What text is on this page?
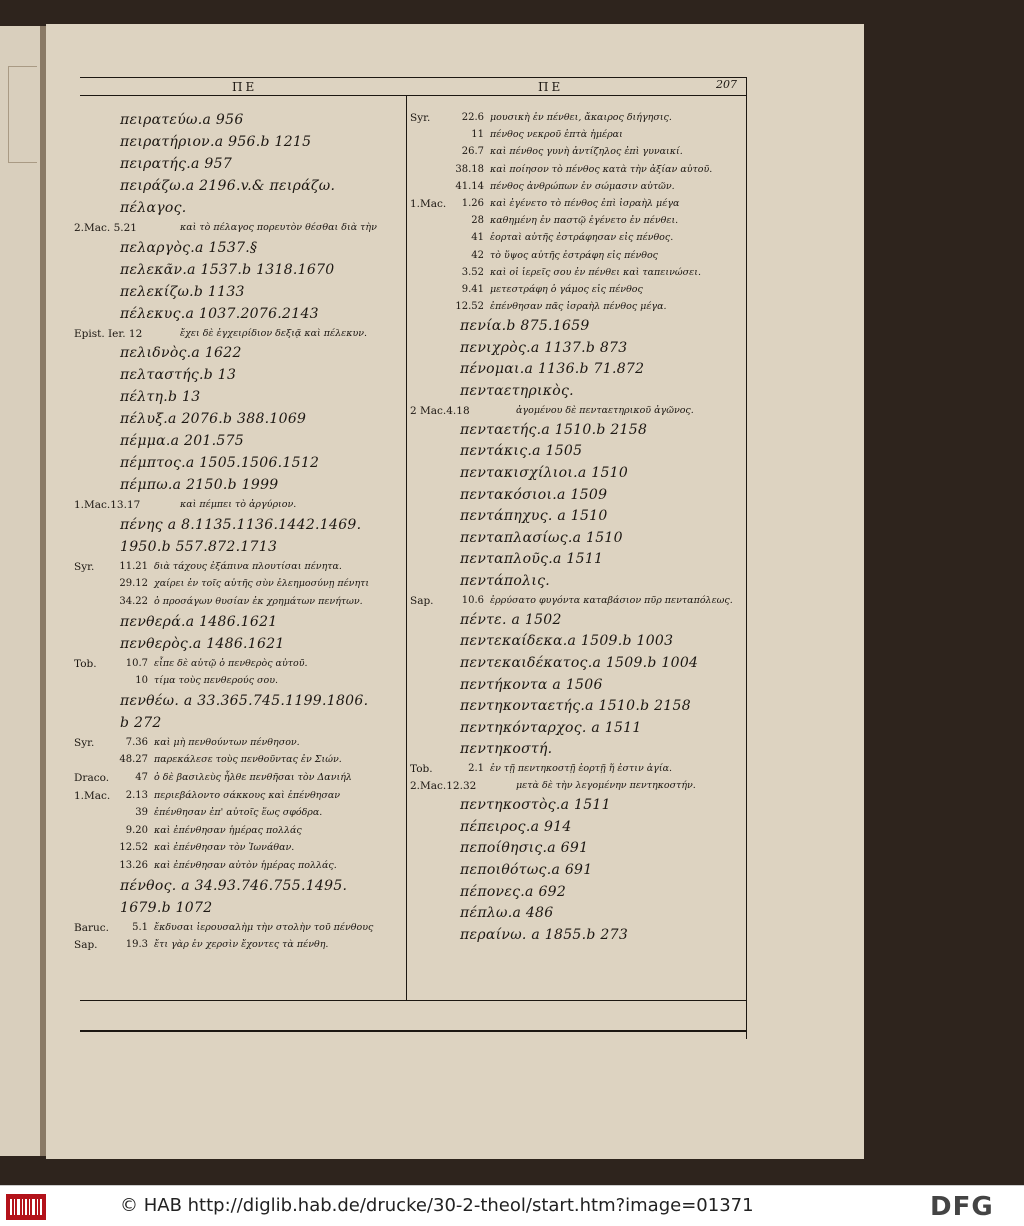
ΠΕ	ΠΕ	207
πειρατεύω.a 956
πειρατήριον.a 956.b 1215
πειρατής.a 957
πειράζω.a 2196.v.& πειράζω.
πέλαγος.
2.Mac. 5.21	καὶ τὸ πέλαγος πορευτὸν θέσθαι διὰ τὴν
πελαργὸς.a 1537.§
πελεκᾶν.a 1537.b 1318.1670
πελεκίζω.b 1133
πέλεκυς.a 1037.2076.2143
Epist. Ier. 12	ἔχει δὲ ἐγχειρίδιον δεξιᾷ καὶ πέλεκυν.
πελιδνὸς.a 1622
πελταστής.b 13
πέλτη.b 13
πέλυξ.a 2076.b 388.1069
πέμμα.a 201.575
πέμπτος.a 1505.1506.1512
πέμπω.a 2150.b 1999
1.Mac.13.17	καὶ πέμπει τὸ ἀργύριον.
πένης a 8.1135.1136.1442.1469.
1950.b 557.872.1713
Syr.	11.21 διὰ τάχους ἐξάπινα πλουτίσαι πένητα.
29.12 χαίρει ἐν τοῖς αὐτῆς σὺν ἐλεημοσύνῃ πένητι
34.22 ὁ προσάγων θυσίαν ἐκ χρημάτων πενήτων.
πενθερά.a 1486.1621
πενθερὸς.a 1486.1621
Tob.	10.7 εἶπε δὲ αὐτῷ ὁ πενθερὸς αὐτοῦ.
10 τίμα τοὺς πενθερούς σου.
πενθέω. a 33.365.745.1199.1806.
b 272
Syr.	7.36 καὶ μὴ πενθούντων πένθησον.
48.27 παρεκάλεσε τοὺς πενθοῦντας ἐν Σιών.
Draco.	47 ὁ δὲ βασιλεὺς ἦλθε πενθῆσαι τὸν Δανιήλ
1.Mac.	2.13 περιεβάλοντο σάκκους καὶ ἐπένθησαν
39 ἐπένθησαν ἐπ' αὐτοῖς ἕως σφόδρα.
9.20 καὶ ἐπένθησαν ἡμέρας πολλάς
12.52 καὶ ἐπένθησαν τὸν Ἰωνάθαν.
13.26 καὶ ἐπένθησαν αὐτὸν ἡμέρας πολλάς.
πένθος. a 34.93.746.755.1495.
1679.b 1072
Baruc.	5.1 ἔκδυσαι ἱερουσαλὴμ τὴν στολὴν τοῦ πένθους
Sap.	19.3 ἔτι γὰρ ἐν χερσὶν ἔχοντες τὰ πένθη.
Syr.	22.6 μουσικὴ ἐν πένθει, ἄκαιρος διήγησις.
11 πένθος νεκροῦ ἑπτὰ ἡμέραι
26.7 καὶ πένθος γυνὴ ἀντίζηλος ἐπὶ γυναικί.
38.18 καὶ ποίησον τὸ πένθος κατὰ τὴν ἀξίαν αὐτοῦ.
41.14 πένθος ἀνθρώπων ἐν σώμασιν αὐτῶν.
1.Mac.	1.26 καὶ ἐγένετο τὸ πένθος ἐπὶ ἰσραὴλ μέγα
28 καθημένη ἐν παστῷ ἐγένετο ἐν πένθει.
41 ἑορταὶ αὐτῆς ἐστράφησαν εἰς πένθος.
42 τὸ ὕψος αὐτῆς ἐστράφη εἰς πένθος
3.52 καὶ οἱ ἱερεῖς σου ἐν πένθει καὶ ταπεινώσει.
9.41 μετεστράφη ὁ γάμος εἰς πένθος
12.52 ἐπένθησαν πᾶς ἰσραὴλ πένθος μέγα.
πενία.b 875.1659
πενιχρὸς.a 1137.b 873
πένομαι.a 1136.b 71.872
πενταετηρικὸς.
2 Mac.4.18	ἀγομένου δὲ πενταετηρικοῦ ἀγῶνος.
πενταετής.a 1510.b 2158
πεντάκις.a 1505
πεντακισχίλιοι.a 1510
πεντακόσιοι.a 1509
πεντάπηχυς. a 1510
πενταπλασίως.a 1510
πενταπλοῦς.a 1511
πεντάπολις.
Sap.	10.6 ἐρρύσατο φυγόντα καταβάσιον πῦρ πενταπόλεως.
πέντε. a 1502
πεντεκαίδεκα.a 1509.b 1003
πεντεκαιδέκατος.a 1509.b 1004
πεντήκοντα a 1506
πεντηκονταετής.a 1510.b 2158
πεντηκόνταρχος. a 1511
πεντηκοστή.
Tob.	2.1 ἐν τῇ πεντηκοστῇ ἑορτῇ ἥ ἐστιν ἁγία.
2.Mac.12.32	μετὰ δὲ τὴν λεγομένην πεντηκοστήν.
πεντηκοστὸς.a 1511
πέπειρος.a 914
πεποίθησις.a 691
πεποιθότως.a 691
πέπονες.a 692
πέπλω.a 486
περαίνω. a 1855.b 273
© HAB http://diglib.hab.de/drucke/30-2-theol/start.htm?image=01371	DFG
